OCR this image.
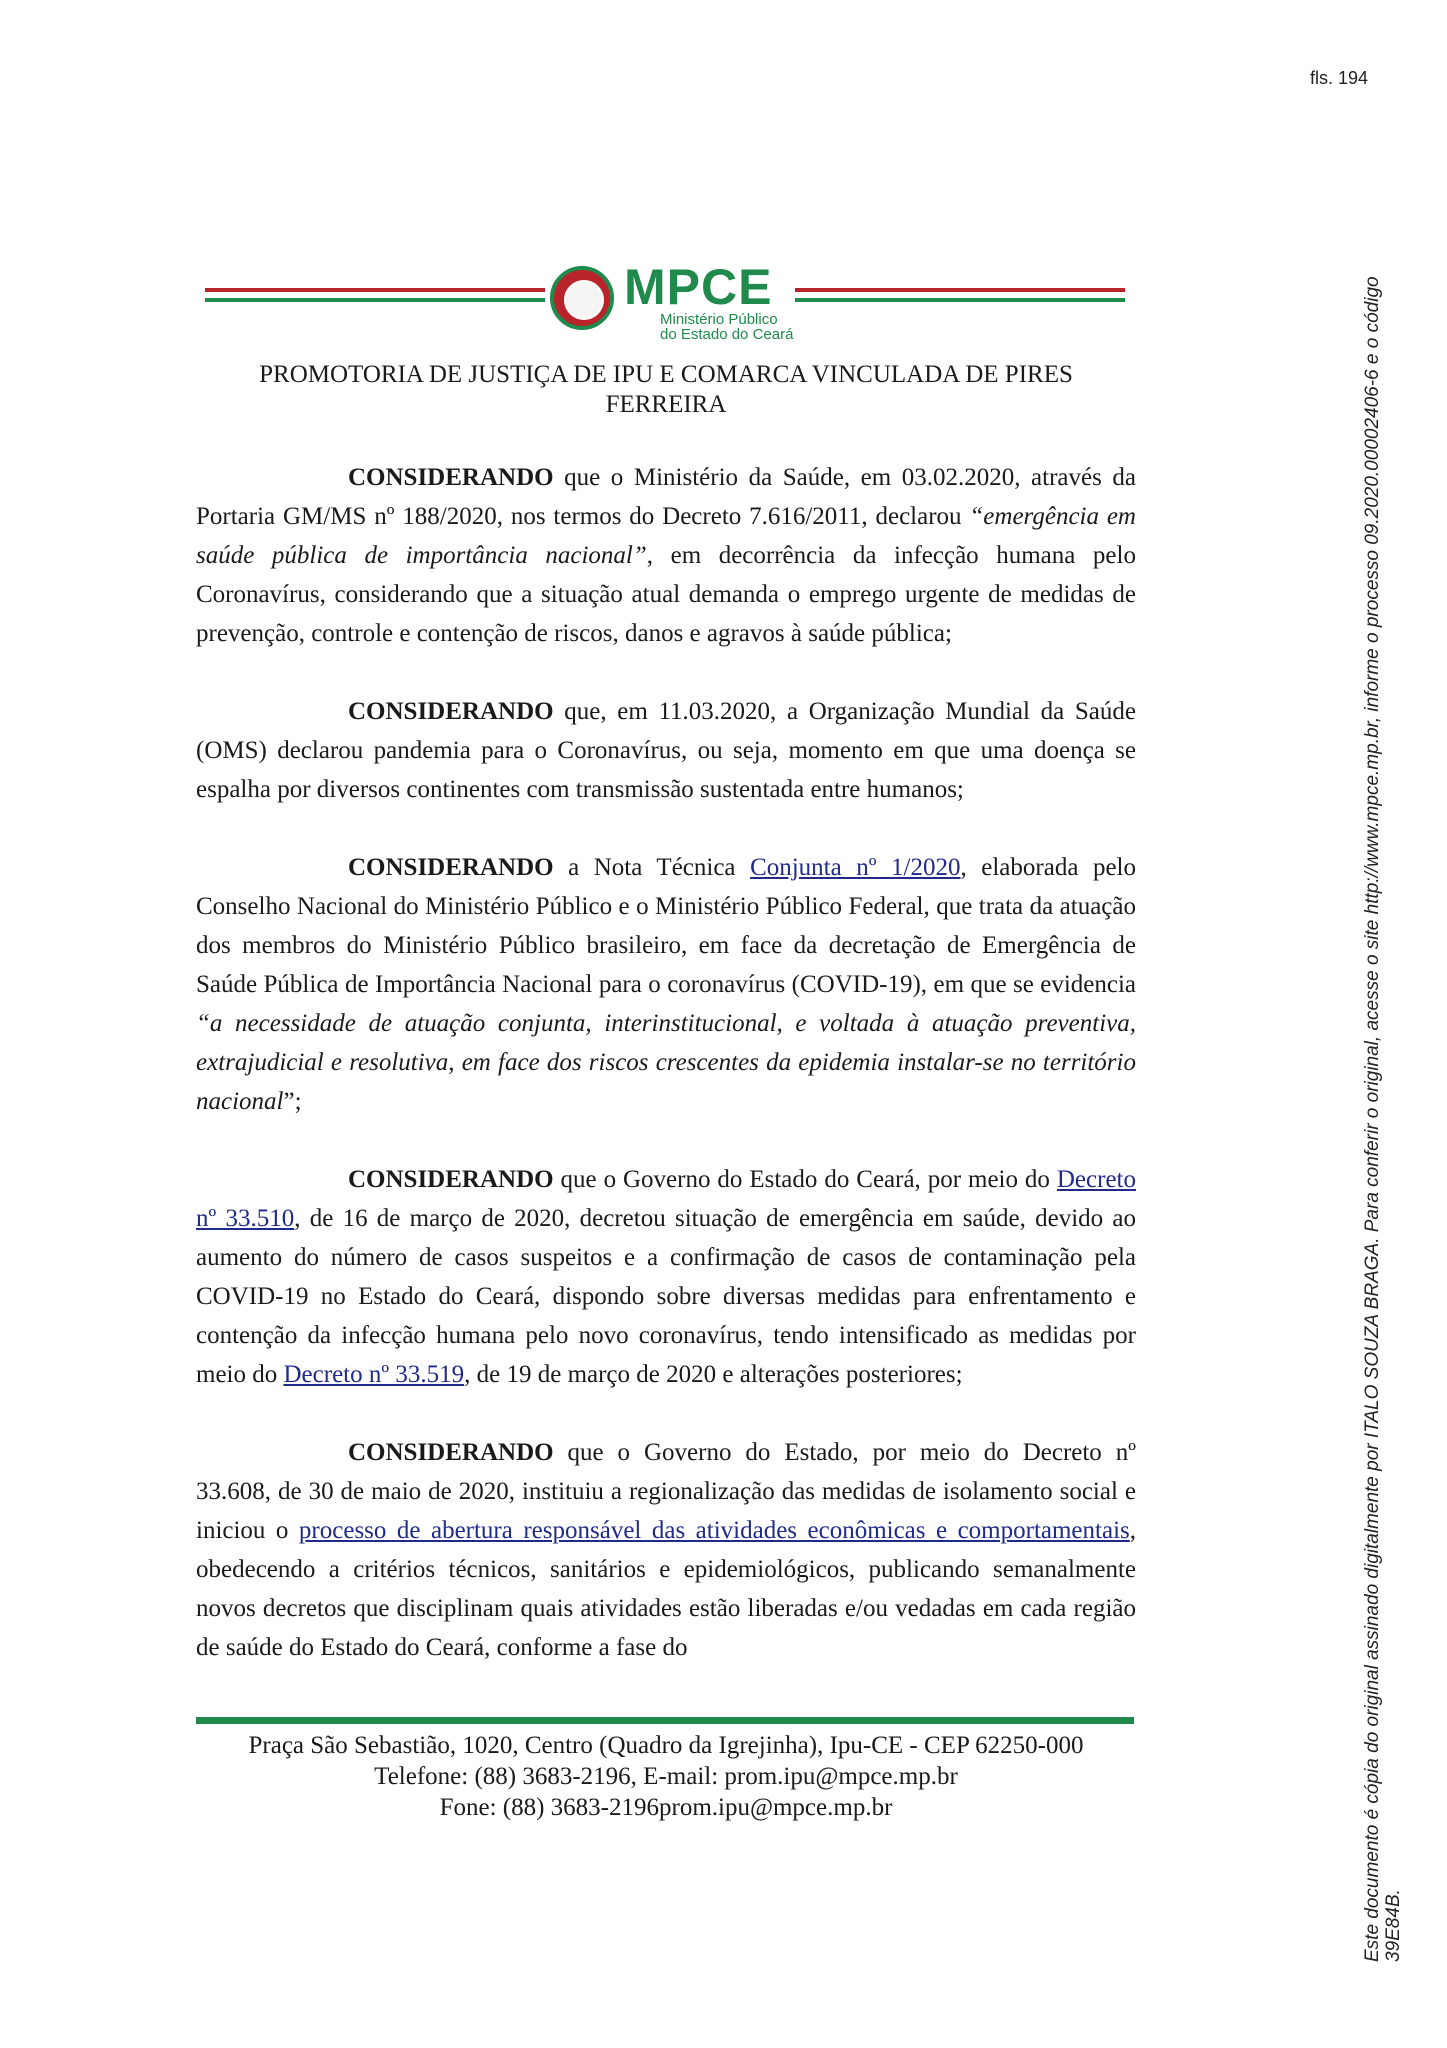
fls. 194
Este documento é cópia do original assinado digitalmente por ITALO SOUZA BRAGA. Para conferir o original, acesse o site http://www.mpce.mp.br, informe o processo 09.2020.00002406-6 e o código 39E84B.
MPCE
Ministério Público
do Estado do Ceará
PROMOTORIA DE JUSTIÇA DE IPU E COMARCA VINCULADA DE PIRES
FERREIRA

CONSIDERANDO que o Ministério da Saúde, em 03.02.2020, através da Portaria GM/MS nº 188/2020, nos termos do Decreto 7.616/2011, declarou “emergência em saúde pública de importância nacional”, em decorrência da infecção humana pelo Coronavírus, considerando que a situação atual demanda o emprego urgente de medidas de prevenção, controle e contenção de riscos, danos e agravos à saúde pública;

CONSIDERANDO que, em 11.03.2020, a Organização Mundial da Saúde (OMS) declarou pandemia para o Coronavírus, ou seja, momento em que uma doença se espalha por diversos continentes com transmissão sustentada entre humanos;

CONSIDERANDO a Nota Técnica Conjunta nº 1/2020, elaborada pelo Conselho Nacional do Ministério Público e o Ministério Público Federal, que trata da atuação dos membros do Ministério Público brasileiro, em face da decretação de Emergência de Saúde Pública de Importância Nacional para o coronavírus (COVID-19), em que se evidencia “a necessidade de atuação conjunta, interinstitucional, e voltada à atuação preventiva, extrajudicial e resolutiva, em face dos riscos crescentes da epidemia instalar-se no território nacional”;

CONSIDERANDO que o Governo do Estado do Ceará, por meio do Decreto nº 33.510, de 16 de março de 2020, decretou situação de emergência em saúde, devido ao aumento do número de casos suspeitos e a confirmação de casos de contaminação pela COVID-19 no Estado do Ceará, dispondo sobre diversas medidas para enfrentamento e contenção da infecção humana pelo novo coronavírus, tendo intensificado as medidas por meio do Decreto nº 33.519, de 19 de março de 2020 e alterações posteriores;

CONSIDERANDO que o Governo do Estado, por meio do Decreto nº 33.608, de 30 de maio de 2020, instituiu a regionalização das medidas de isolamento social e iniciou o processo de abertura responsável das atividades econômicas e comportamentais, obedecendo a critérios técnicos, sanitários e epidemiológicos, publicando semanalmente novos decretos que disciplinam quais atividades estão liberadas e/ou vedadas em cada região de saúde do Estado do Ceará, conforme a fase do

Praça São Sebastião, 1020, Centro (Quadro da Igrejinha), Ipu-CE - CEP 62250-000
Telefone: (88) 3683-2196, E-mail: prom.ipu@mpce.mp.br
Fone: (88) 3683-2196prom.ipu@mpce.mp.br
